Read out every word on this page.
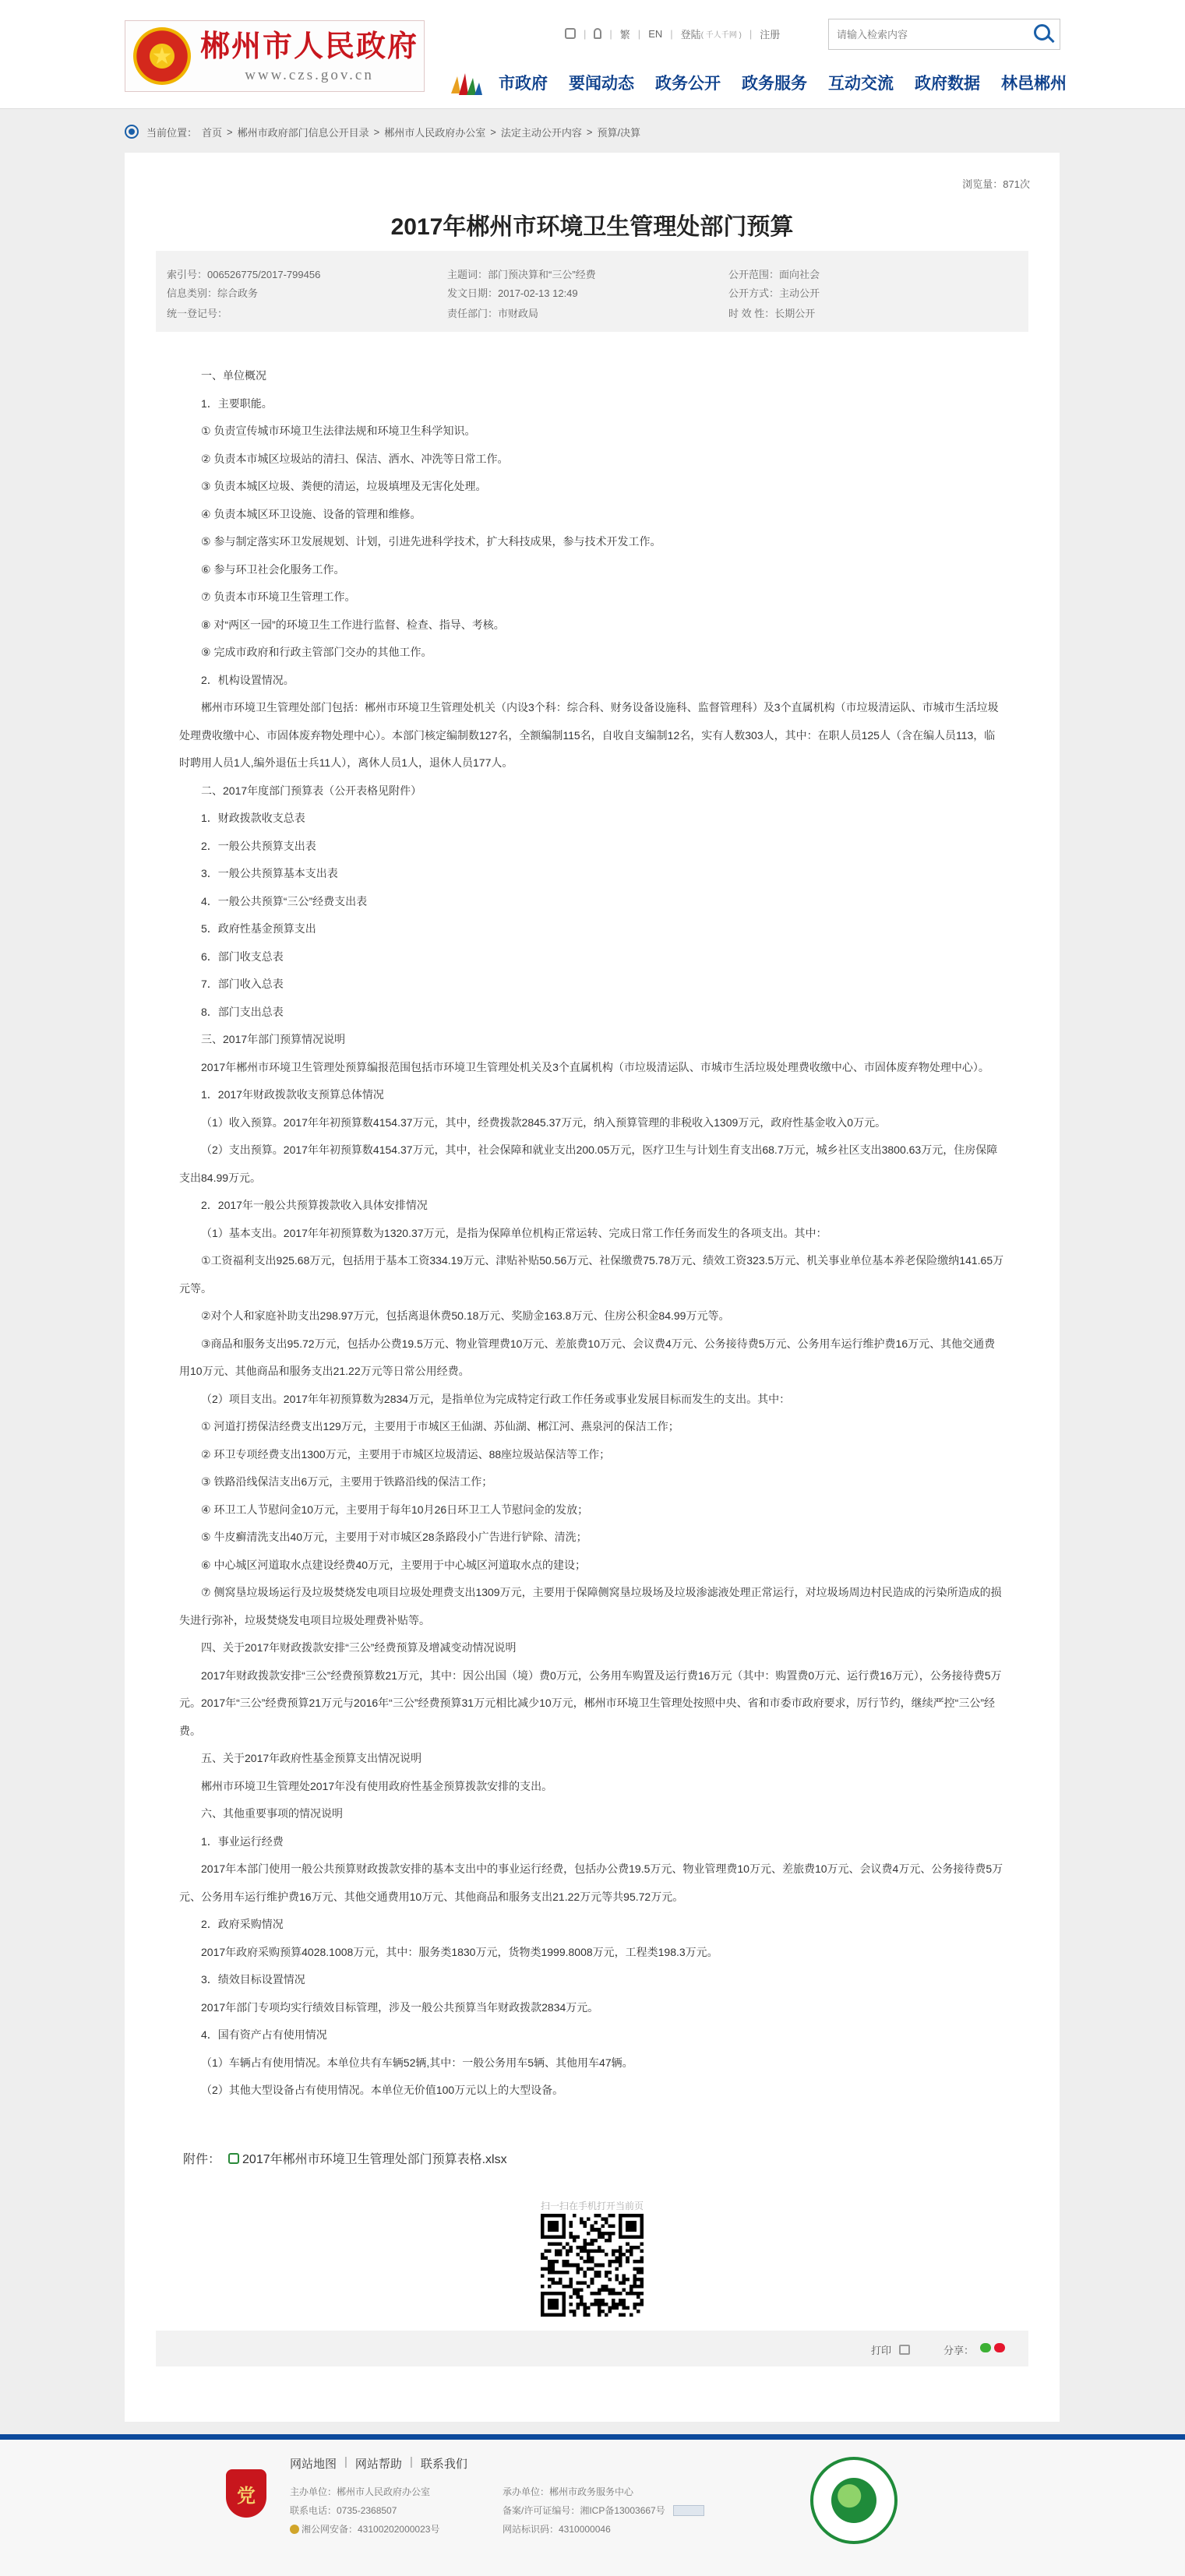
★ 郴州市人民政府
www.czs.gov.cn
| | 繁 | EN | 登陆 ( 千人千网 ) | 注册
请输入检索内容
市政府 要闻动态 政务公开 政务服务 互动交流 政府数据 林邑郴州
当前位置： 首页 > 郴州市政府部门信息公开目录 > 郴州市人民政府办公室 > 法定主动公开内容 > 预算/决算
浏览量：871次
2017年郴州市环境卫生管理处部门预算
索引号：006526775/2017-799456
信息类别：综合政务
统一登记号：
主题词：部门预决算和“三公”经费
发文日期：2017-02-13 12:49
责任部门：市财政局
公开范围：面向社会
公开方式：主动公开
时 效 性：长期公开

一、单位概况

1．主要职能。

① 负责宣传城市环境卫生法律法规和环境卫生科学知识。

② 负责本市城区垃圾站的清扫、保洁、洒水、冲洗等日常工作。

③ 负责本城区垃圾、粪便的清运，垃圾填埋及无害化处理。

④ 负责本城区环卫设施、设备的管理和维修。

⑤ 参与制定落实环卫发展规划、计划，引进先进科学技术，扩大科技成果，参与技术开发工作。

⑥ 参与环卫社会化服务工作。

⑦ 负责本市环境卫生管理工作。

⑧ 对“两区一园”的环境卫生工作进行监督、检查、指导、考核。

⑨ 完成市政府和行政主管部门交办的其他工作。

2．机构设置情况。

郴州市环境卫生管理处部门包括：郴州市环境卫生管理处机关（内设3个科：综合科、财务设备设施科、监督管理科）及3个直属机构（市垃圾清运队、市城市生活垃圾处理费收缴中心、市固体废弃物处理中心）。本部门核定编制数127名，全额编制115名，自收自支编制12名，实有人数303人，其中：在职人员125人（含在编人员113，临时聘用人员1人,编外退伍士兵11人），离休人员1人，退休人员177人。

二、2017年度部门预算表（公开表格见附件）

1．财政拨款收支总表

2．一般公共预算支出表

3．一般公共预算基本支出表

4．一般公共预算“三公”经费支出表

5．政府性基金预算支出

6．部门收支总表

7．部门收入总表

8．部门支出总表

三、2017年部门预算情况说明

2017年郴州市环境卫生管理处预算编报范围包括市环境卫生管理处机关及3个直属机构（市垃圾清运队、市城市生活垃圾处理费收缴中心、市固体废弃物处理中心）。

1．2017年财政拨款收支预算总体情况

（1）收入预算。2017年年初预算数4154.37万元，其中，经费拨款2845.37万元，纳入预算管理的非税收入1309万元，政府性基金收入0万元。

（2）支出预算。2017年年初预算数4154.37万元，其中，社会保障和就业支出200.05万元，医疗卫生与计划生育支出68.7万元，城乡社区支出3800.63万元，住房保障支出84.99万元。

2．2017年一般公共预算拨款收入具体安排情况

（1）基本支出。2017年年初预算数为1320.37万元，是指为保障单位机构正常运转、完成日常工作任务而发生的各项支出。其中：

①工资福利支出925.68万元，包括用于基本工资334.19万元、津贴补贴50.56万元、社保缴费75.78万元、绩效工资323.5万元、机关事业单位基本养老保险缴纳141.65万元等。

②对个人和家庭补助支出298.97万元，包括离退休费50.18万元、奖励金163.8万元、住房公积金84.99万元等。

③商品和服务支出95.72万元，包括办公费19.5万元、物业管理费10万元、差旅费10万元、会议费4万元、公务接待费5万元、公务用车运行维护费16万元、其他交通费用10万元、其他商品和服务支出21.22万元等日常公用经费。

（2）项目支出。2017年年初预算数为2834万元，是指单位为完成特定行政工作任务或事业发展目标而发生的支出。其中：

① 河道打捞保洁经费支出129万元，主要用于市城区王仙湖、苏仙湖、郴江河、燕泉河的保洁工作；

② 环卫专项经费支出1300万元，主要用于市城区垃圾清运、88座垃圾站保洁等工作；

③ 铁路沿线保洁支出6万元，主要用于铁路沿线的保洁工作；

④ 环卫工人节慰问金10万元，主要用于每年10月26日环卫工人节慰问金的发放；

⑤ 牛皮癣清洗支出40万元，主要用于对市城区28条路段小广告进行铲除、清洗；

⑥ 中心城区河道取水点建设经费40万元，主要用于中心城区河道取水点的建设；

⑦ 侧窝垦垃圾场运行及垃圾焚烧发电项目垃圾处理费支出1309万元，主要用于保障侧窝垦垃圾场及垃圾渗滤液处理正常运行，对垃圾场周边村民造成的污染所造成的损失进行弥补，垃圾焚烧发电项目垃圾处理费补贴等。

四、关于2017年财政拨款安排“三公”经费预算及增减变动情况说明

2017年财政拨款安排“三公”经费预算数21万元，其中：因公出国（境）费0万元，公务用车购置及运行费16万元（其中：购置费0万元、运行费16万元），公务接待费5万元。2017年“三公”经费预算21万元与2016年“三公”经费预算31万元相比减少10万元，郴州市环境卫生管理处按照中央、省和市委市政府要求，厉行节约，继续严控“三公”经费。

五、关于2017年政府性基金预算支出情况说明

郴州市环境卫生管理处2017年没有使用政府性基金预算拨款安排的支出。

六、其他重要事项的情况说明

1．事业运行经费

2017年本部门使用一般公共预算财政拨款安排的基本支出中的事业运行经费，包括办公费19.5万元、物业管理费10万元、差旅费10万元、会议费4万元、公务接待费5万元、公务用车运行维护费16万元、其他交通费用10万元、其他商品和服务支出21.22万元等共95.72万元。

2．政府采购情况

2017年政府采购预算4028.1008万元，其中：服务类1830万元，货物类1999.8008万元，工程类198.3万元。

3．绩效目标设置情况

2017年部门专项均实行绩效目标管理，涉及一般公共预算当年财政拨款2834万元。

4．国有资产占有使用情况

（1）车辆占有使用情况。本单位共有车辆52辆,其中：一般公务用车5辆、其他用车47辆。

（2）其他大型设备占有使用情况。本单位无价值100万元以上的大型设备。

附件： 2017年郴州市环境卫生管理处部门预算表格.xlsx
扫一扫在手机打开当前页
打印	分享：
党
网站地图 | 网站帮助 | 联系我们
主办单位：郴州市人民政府办公室
联系电话：0735-2368507
湘公网安备：43100202000023号
承办单位：郴州市政务服务中心
备案/许可证编号：湘ICP备13003667号
网站标识码：4310000046
